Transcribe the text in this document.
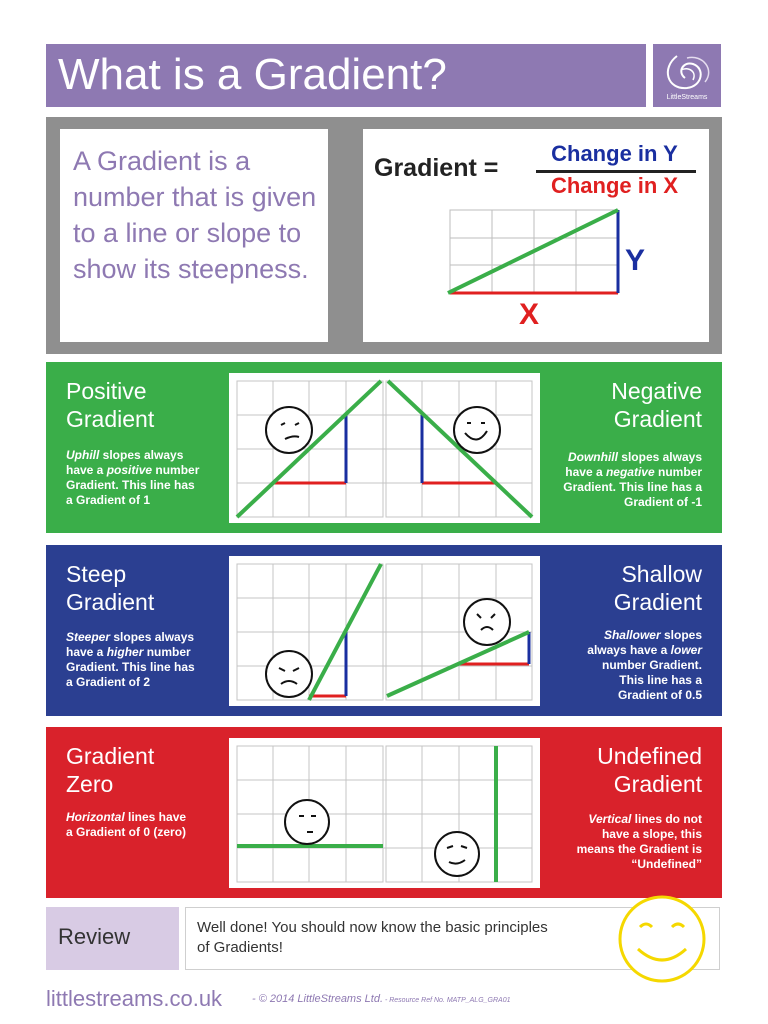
What is a Gradient?	LittleStreams
A Gradient is a number that is given to a line or slope to show its steepness.
Gradient =
Change in Y
Change in X
Y
X
Positive
Gradient
Uphill slopes always
have a positive number
Gradient. This line has
a Gradient of 1
Negative
Gradient
Downhill slopes always
have a negative number
Gradient. This line has a
Gradient of -1
Steep
Gradient
Steeper slopes always
have a higher number
Gradient. This line has
a Gradient of 2
Shallow
Gradient
Shallower slopes
always have a lower
number Gradient.
This line has a
Gradient of 0.5
Gradient
Zero
Horizontal lines have
a Gradient of 0 (zero)
Undefined
Gradient
Vertical lines do not
have a slope, this
means the Gradient is
“Undefined”
Review	Well done! You should now know the basic principles of Gradients!
littlestreams.co.uk	- © 2014 LittleStreams Ltd. - Resource Ref No. MATP_ALG_GRA01
